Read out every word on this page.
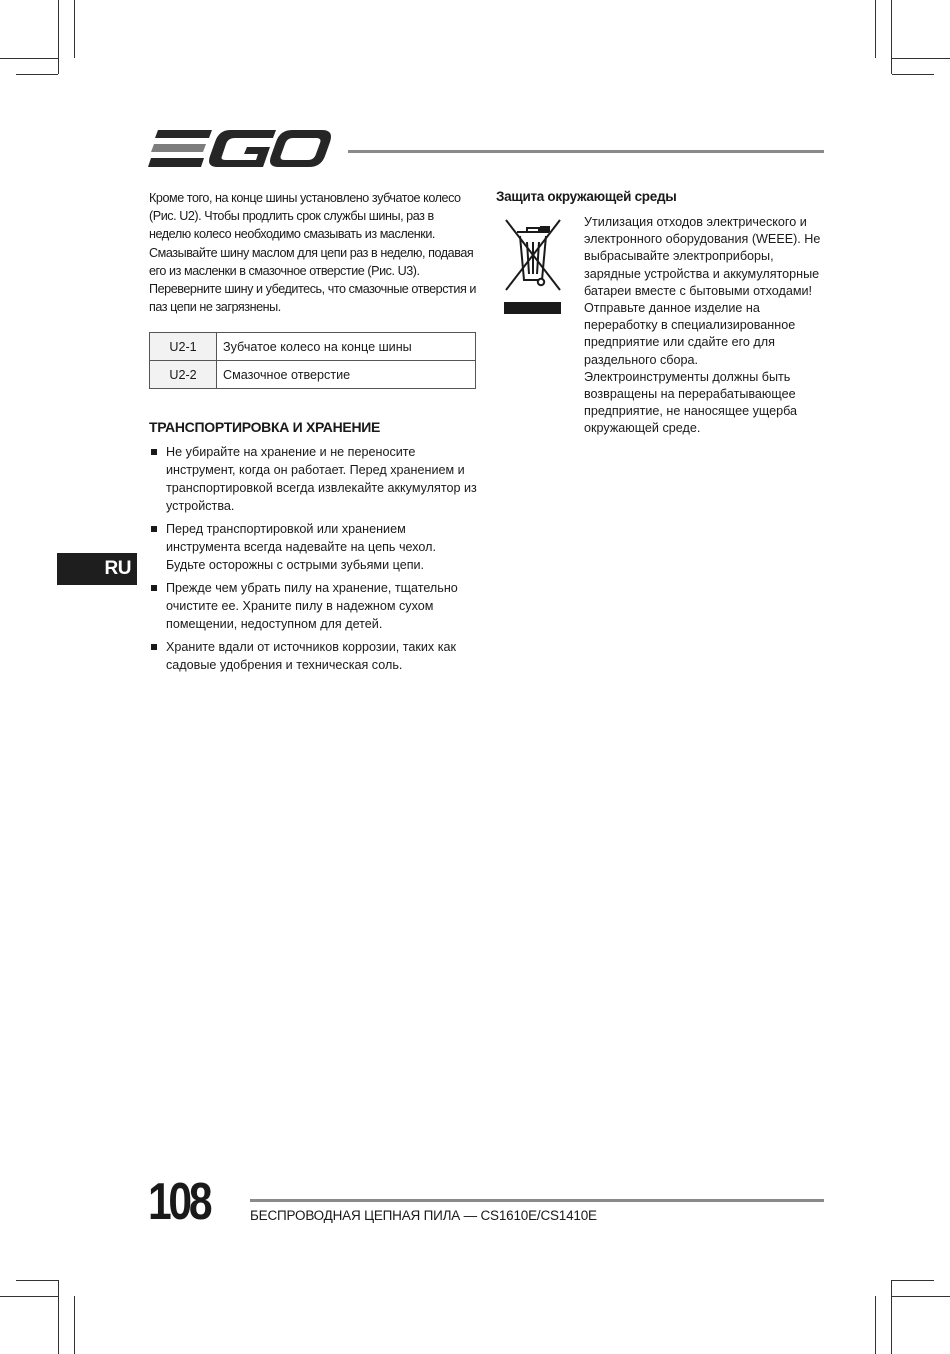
Кроме того, на конце шины установлено зубчатое колесо (Рис. U2). Чтобы продлить срок службы шины, раз в неделю колесо необходимо смазывать из масленки. Смазывайте шину маслом для цепи раз в неделю, подавая его из масленки в смазочное отверстие (Рис. U3). Переверните шину и убедитесь, что смазочные отверстия и паз цепи не загрязнены.

U2-1	Зубчатое колесо на конце шины
U2-2	Смазочное отверстие
ТРАНСПОРТИРОВКА И ХРАНЕНИЕ
Не убирайте на хранение и не переносите инструмент, когда он работает. Перед хранением и транспортировкой всегда извлекайте аккумулятор из устройства.
Перед транспортировкой или хранением инструмента всегда надевайте на цепь чехол. Будьте осторожны с острыми зубьями цепи.
Прежде чем убрать пилу на хранение, тщательно очистите ее. Храните пилу в надежном сухом помещении, недоступном для детей.
Храните вдали от источников коррозии, таких как садовые удобрения и техническая соль.
Защита окружающей среды
Утилизация отходов электрического и электронного оборудования (WEEE). Не выбрасывайте электроприборы, зарядные устройства и аккумуляторные батареи вместе с бытовыми отходами! Отправьте данное изделие на переработку в специализированное предприятие или сдайте его для раздельного сбора. Электроинструменты должны быть возвращены на перерабатывающее предприятие, не наносящее ущерба окружающей среде.
RU
108	БЕСПРОВОДНАЯ ЦЕПНАЯ ПИЛА — CS1610E/CS1410E
